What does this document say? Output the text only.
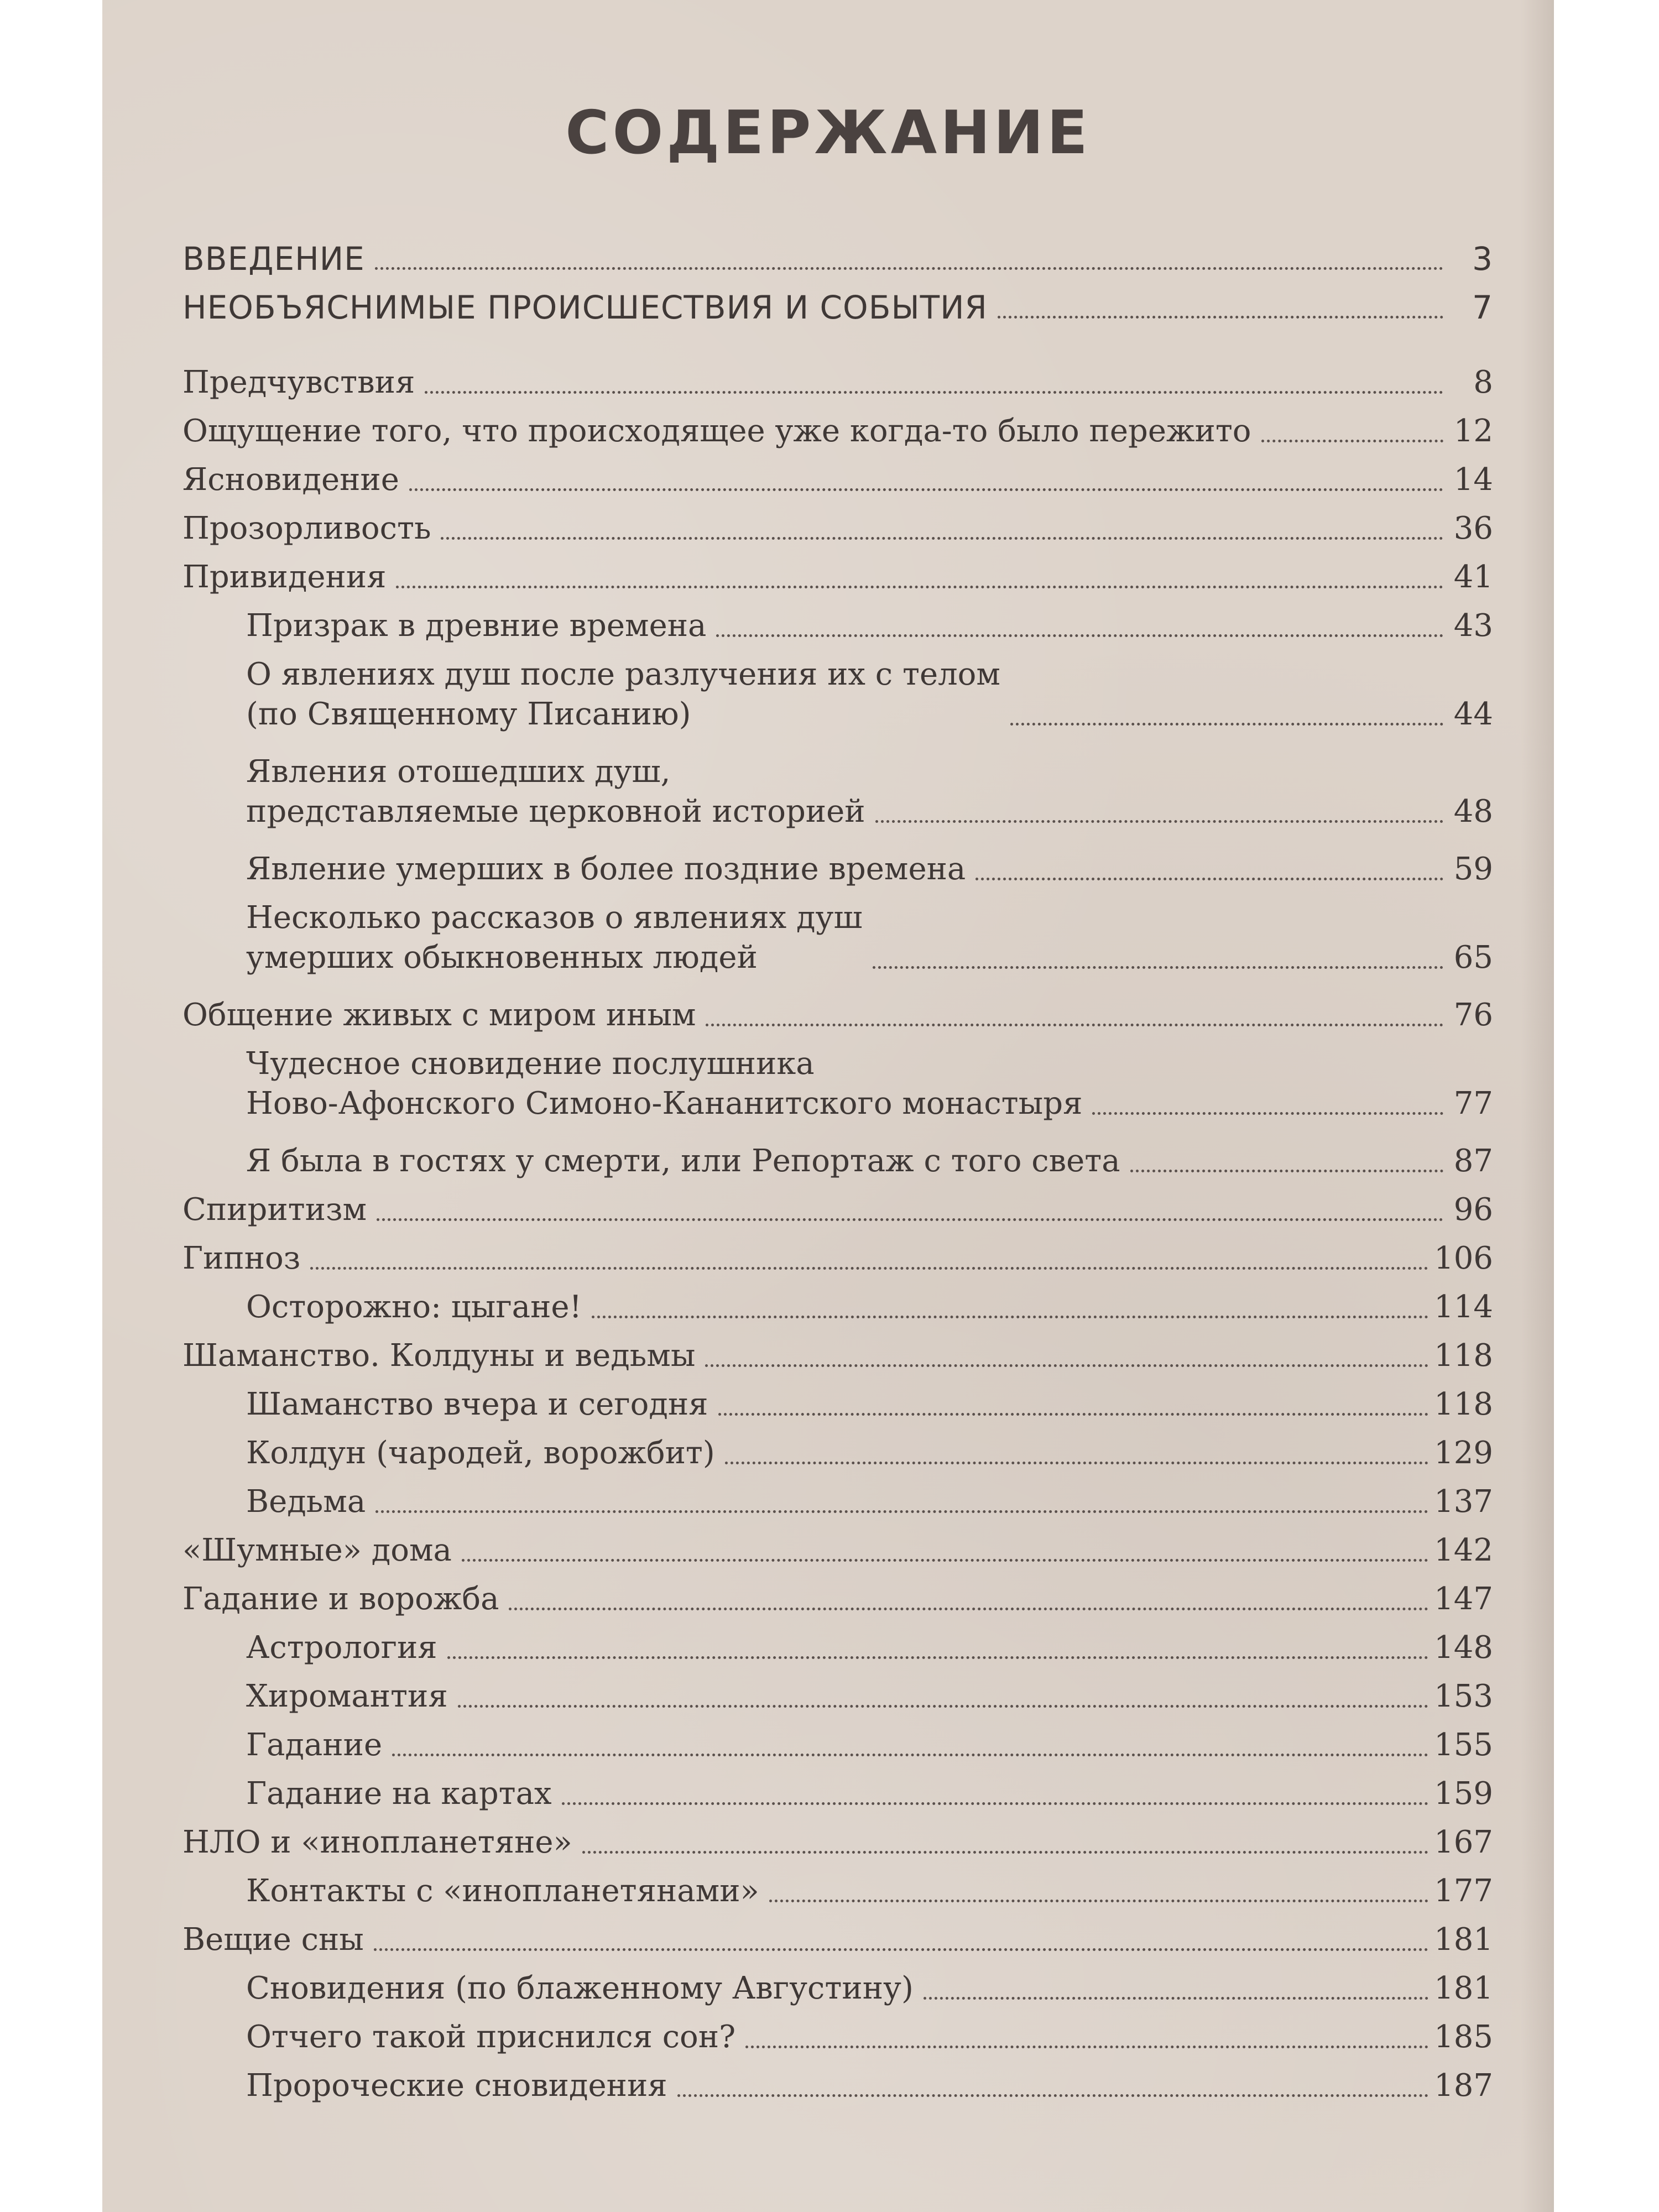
СОДЕРЖАНИЕ
ВВЕДЕНИЕ	3
НЕОБЪЯСНИМЫЕ ПРОИСШЕСТВИЯ И СОБЫТИЯ	7
Предчувствия	8
Ощущение того, что происходящее уже когда-то было пережито	12
Ясновидение	14
Прозорливость	36
Привидения	41
Призрак в древние времена	43
О явлениях душ после разлучения их с телом
(по Священному Писанию)	44
Явления отошедших душ,
представляемые церковной историей	48
Явление умерших в более поздние времена	59
Несколько рассказов о явлениях душ
умерших обыкновенных людей	65
Общение живых с миром иным	76
Чудесное сновидение послушника
Ново-Афонского Симоно-Кананитского монастыря	77
Я была в гостях у смерти, или Репортаж с того света	87
Спиритизм	96
Гипноз	106
Осторожно: цыгане!	114
Шаманство. Колдуны и ведьмы	118
Шаманство вчера и сегодня	118
Колдун (чародей, ворожбит)	129
Ведьма	137
«Шумные» дома	142
Гадание и ворожба	147
Астрология	148
Хиромантия	153
Гадание	155
Гадание на картах	159
НЛО и «инопланетяне»	167
Контакты с «инопланетянами»	177
Вещие сны	181
Сновидения (по блаженному Августину)	181
Отчего такой приснился сон?	185
Пророческие сновидения	187
